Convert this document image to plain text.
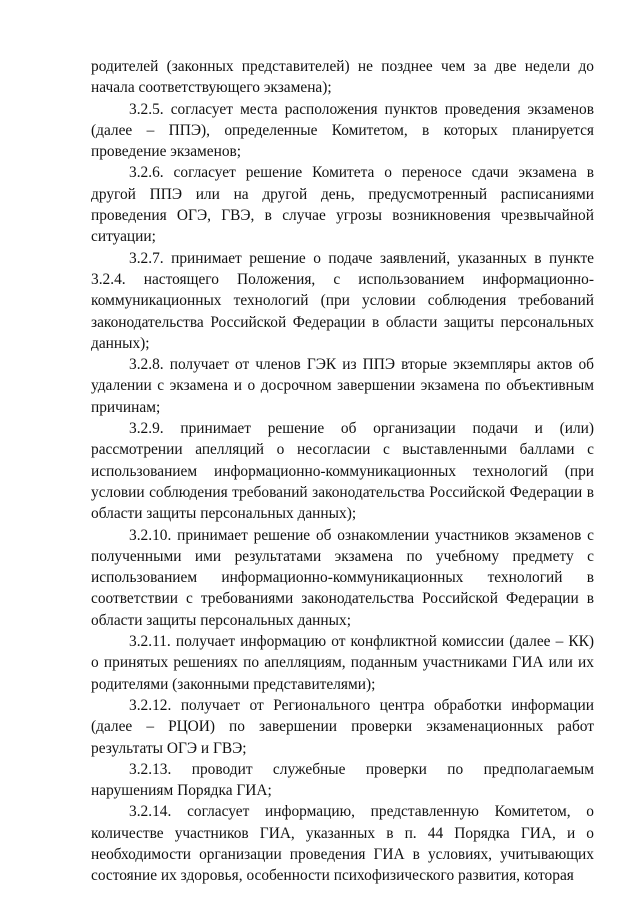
родителей (законных представителей) не позднее чем за две недели до начала соответствующего экзамена);

3.2.5. согласует места расположения пунктов проведения экзаменов (далее – ППЭ), определенные Комитетом, в которых планируется проведение экзаменов;

3.2.6. согласует решение Комитета о переносе сдачи экзамена в другой ППЭ или на другой день, предусмотренный расписаниями проведения ОГЭ, ГВЭ, в случае угрозы возникновения чрезвычайной ситуации;

3.2.7. принимает решение о подаче заявлений, указанных в пункте 3.2.4. настоящего Положения, с использованием информационно-коммуникационных технологий (при условии соблюдения требований законодательства Российской Федерации в области защиты персональных данных);

3.2.8. получает от членов ГЭК из ППЭ вторые экземпляры актов об удалении с экзамена и о досрочном завершении экзамена по объективным причинам;

3.2.9. принимает решение об организации подачи и (или) рассмотрении апелляций о несогласии с выставленными баллами с использованием информационно-коммуникационных технологий (при условии соблюдения требований законодательства Российской Федерации в области защиты персональных данных);

3.2.10. принимает решение об ознакомлении участников экзаменов с полученными ими результатами экзамена по учебному предмету с использованием информационно-коммуникационных технологий в соответствии с требованиями законодательства Российской Федерации в области защиты персональных данных;

3.2.11. получает информацию от конфликтной комиссии (далее – КК) о принятых решениях по апелляциям, поданным участниками ГИА или их родителями (законными представителями);

3.2.12. получает от Регионального центра обработки информации (далее – РЦОИ) по завершении проверки экзаменационных работ результаты ОГЭ и ГВЭ;

3.2.13. проводит служебные проверки по предполагаемым нарушениям Порядка ГИА;

3.2.14. согласует информацию, представленную Комитетом, о количестве участников ГИА, указанных в п. 44 Порядка ГИА, и о необходимости организации проведения ГИА в условиях, учитывающих состояние их здоровья, особенности психофизического развития, которая
